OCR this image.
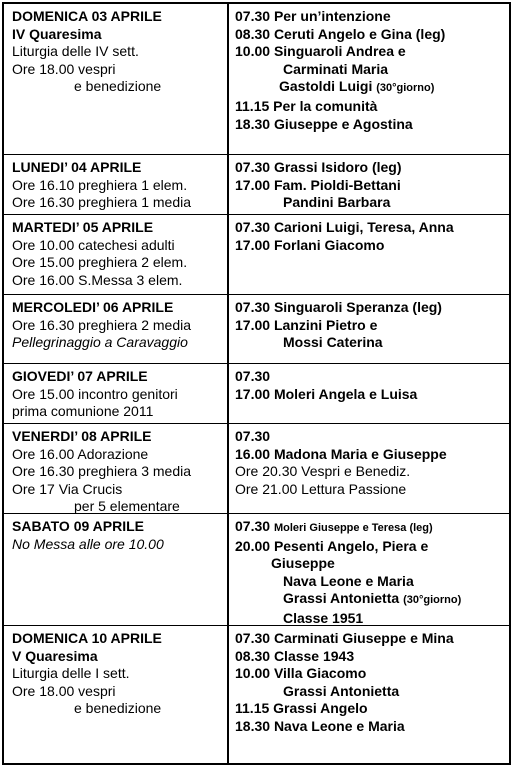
DOMENICA 03 APRILE
IV Quaresima
Liturgia delle IV sett.
Ore 18.00 vespri
e benedizione
07.30 Per un’intenzione
08.30 Ceruti Angelo e Gina (leg)
10.00 Singuaroli Andrea e
Carminati Maria
Gastoldi Luigi (30°giorno)
11.15 Per la comunità
18.30 Giuseppe e Agostina
LUNEDI’ 04 APRILE
Ore 16.10 preghiera 1 elem.
Ore 16.30 preghiera 1 media
07.30 Grassi Isidoro (leg)
17.00 Fam. Pioldi-Bettani
Pandini Barbara
MARTEDI’ 05 APRILE
Ore 10.00 catechesi adulti
Ore 15.00 preghiera 2 elem.
Ore 16.00 S.Messa 3 elem.
07.30 Carioni Luigi, Teresa, Anna
17.00 Forlani Giacomo
MERCOLEDI’ 06 APRILE
Ore 16.30 preghiera 2 media
Pellegrinaggio a Caravaggio
07.30 Singuaroli Speranza (leg)
17.00 Lanzini Pietro e
Mossi Caterina
GIOVEDI’ 07 APRILE
Ore 15.00 incontro genitori
prima comunione 2011
07.30
17.00 Moleri Angela e Luisa
VENERDI’ 08 APRILE
Ore 16.00 Adorazione
Ore 16.30 preghiera 3 media
Ore 17 Via Crucis
per 5 elementare
07.30
16.00 Madona Maria e Giuseppe
Ore 20.30 Vespri e Benediz.
Ore 21.00 Lettura Passione
SABATO 09 APRILE
No Messa alle ore 10.00
07.30 Moleri Giuseppe e Teresa (leg)
20.00 Pesenti Angelo, Piera e
Giuseppe
Nava Leone e Maria
Grassi Antonietta (30°giorno)
Classe 1951
DOMENICA 10 APRILE
V Quaresima
Liturgia delle I sett.
Ore 18.00 vespri
e benedizione
07.30 Carminati Giuseppe e Mina
08.30 Classe 1943
10.00 Villa Giacomo
Grassi Antonietta
11.15 Grassi Angelo
18.30 Nava Leone e Maria
